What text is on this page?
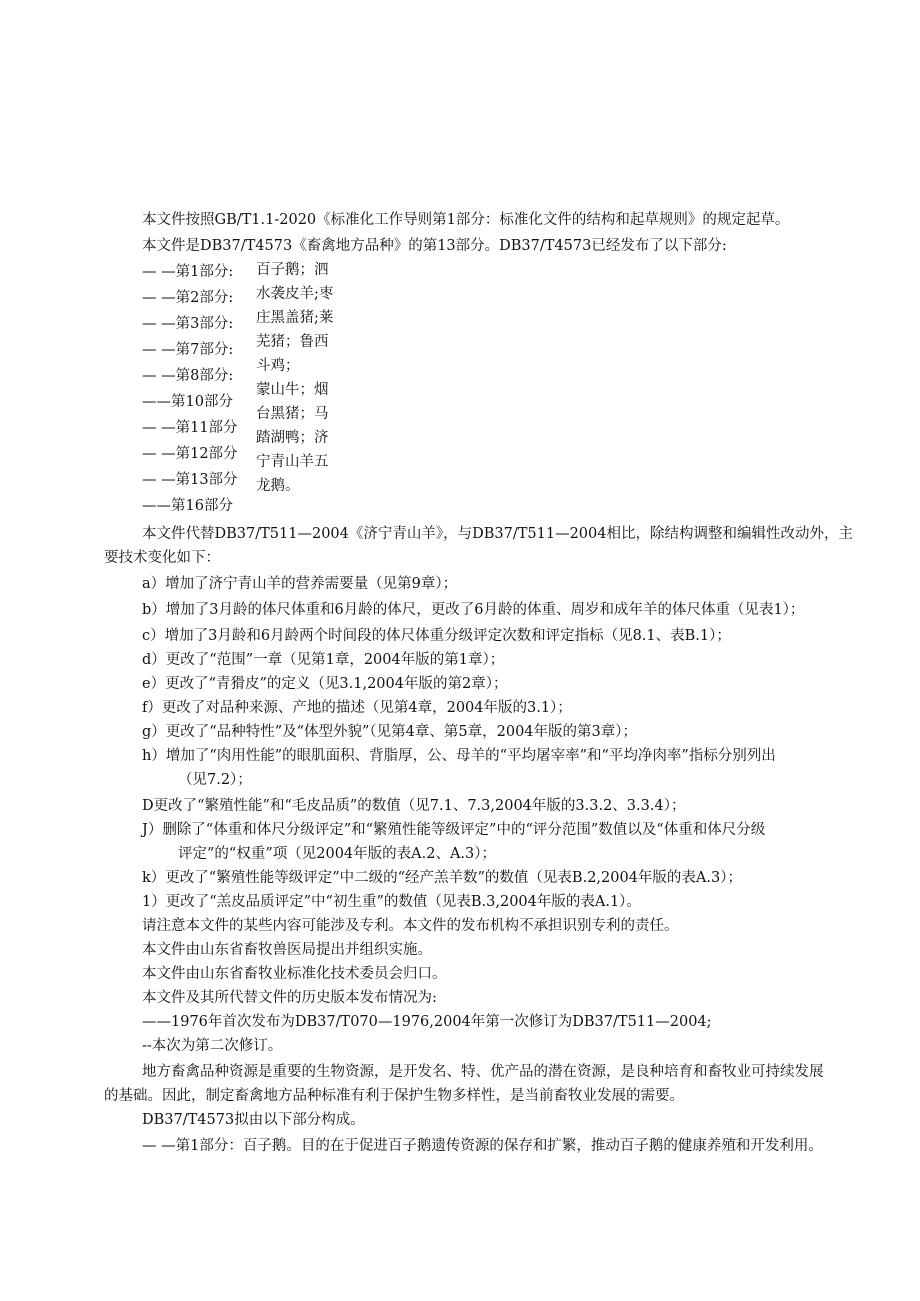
本文件按照GB/T1.1-2020《标准化工作导则第1部分：标准化文件的结构和起草规则》的规定起草。
本文件是DB37/T4573《畜禽地方品种》的第13部分。DB37/T4573已经发布了以下部分:
— —第1部分:
— —第2部分:
— —第3部分:
— —第7部分:
— —第8部分:
——第10部分
— —第11部分
— —第12部分
— —第13部分
——第16部分
百子鹅；泗
水袭皮羊;枣
庄黑盖猪;莱
芜猪；鲁西
斗鸡；
蒙山牛；烟
台黑猪；马
踏湖鸭；济
宁青山羊五
龙鹅。
本文件代替DB37/T511—2004《济宁青山羊》，与DB37/T511—2004相比，除结构调整和编辑性改动外，主
要技术变化如下：
a）增加了济宁青山羊的营养需要量（见第9章）；
b）增加了3月龄的体尺体重和6月龄的体尺，更改了6月龄的体重、周岁和成年羊的体尺体重（见表1）；
c）增加了3月龄和6月龄两个时间段的体尺体重分级评定次数和评定指标（见8.1、表B.1）；
d）更改了“范围”一章（见第1章，2004年版的第1章）；
e）更改了“青猾皮”的定义（见3.1,2004年版的第2章）；
f）更改了对品种来源、产地的描述（见第4章，2004年版的3.1）；
g）更改了“品种特性”及“体型外貌”（见第4章、第5章，2004年版的第3章）；
h）增加了“肉用性能”的眼肌面积、背脂厚，公、母羊的“平均屠宰率”和“平均净肉率”指标分别列出
（见7.2）；
D更改了“繁殖性能”和“毛皮品质”的数值（见7.1、7.3,2004年版的3.3.2、3.3.4）；
J）删除了“体重和体尺分级评定”和“繁殖性能等级评定”中的“评分范围”数值以及“体重和体尺分级
评定”的“权重”项（见2004年版的表A.2、A.3）；
k）更改了“繁殖性能等级评定”中二级的“经产羔羊数”的数值（见表B.2,2004年版的表A.3）；
1）更改了“羔皮品质评定”中“初生重”的数值（见表B.3,2004年版的表A.1）。
请注意本文件的某些内容可能涉及专利。本文件的发布机构不承担识别专利的责任。
本文件由山东省畜牧兽医局提出并组织实施。
本文件由山东省畜牧业标准化技术委员会归口。
本文件及其所代替文件的历史版本发布情况为:
——1976年首次发布为DB37/T070—1976,2004年第一次修订为DB37/T511—2004;
--本次为第二次修订。
地方畜禽品种资源是重要的生物资源，是开发名、特、优产品的潜在资源，是良种培育和畜牧业可持续发展
的基础。因此，制定畜禽地方品种标准有利于保护生物多样性，是当前畜牧业发展的需要。
DB37/T4573拟由以下部分构成。
— —第1部分：百子鹅。目的在于促进百子鹅遗传资源的保存和扩繁，推动百子鹅的健康养殖和开发利用。
